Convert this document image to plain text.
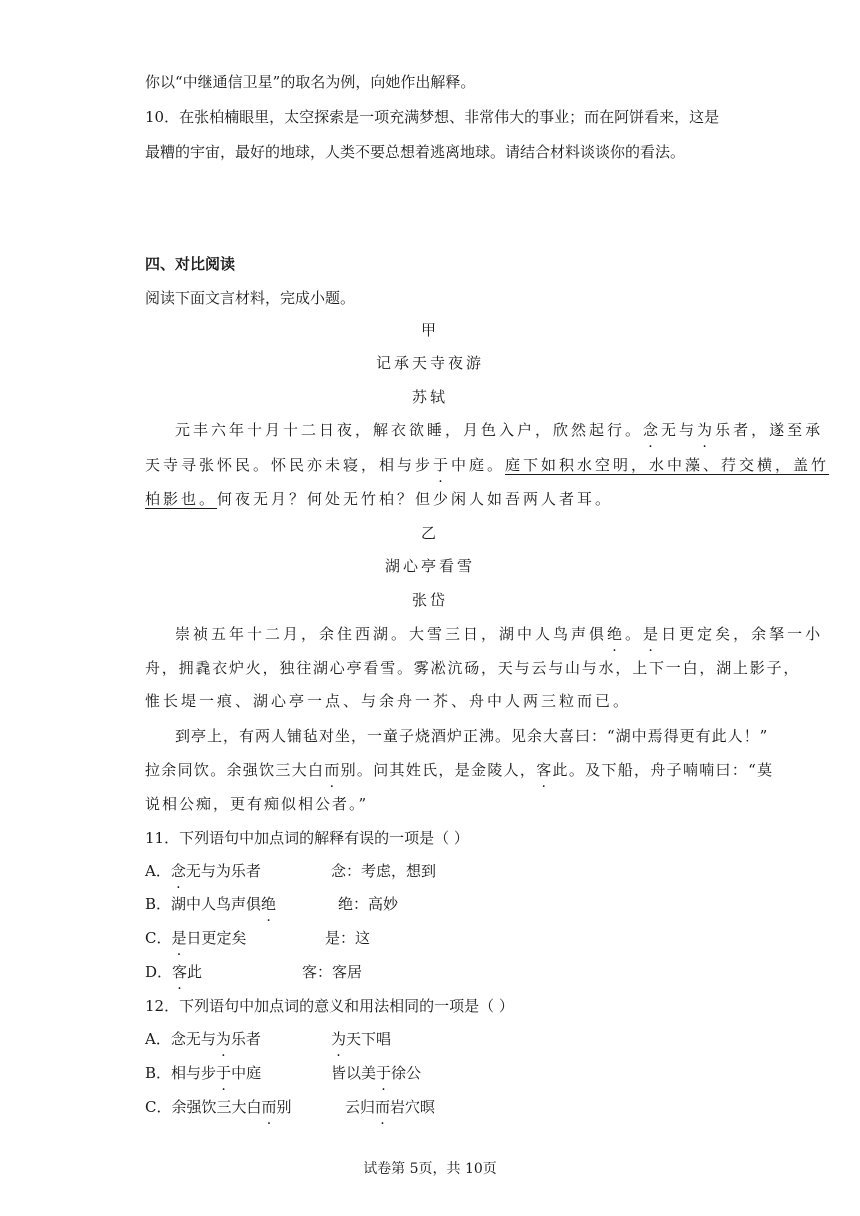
你以“中继通信卫星”的取名为例，向她作出解释。
10．在张柏楠眼里，太空探索是一项充满梦想、非常伟大的事业；而在阿饼看来，这是
最糟的宇宙，最好的地球，人类不要总想着逃离地球。请结合材料谈谈你的看法。
四、对比阅读
阅读下面文言材料，完成小题。
甲
记承天寺夜游
苏轼
元丰六年十月十二日夜，解衣欲睡，月色入户，欣然起行。念无与为乐者，遂至承
天寺寻张怀民。怀民亦未寝，相与步于中庭。庭下如积水空明，水中藻、荇交横，盖竹
柏影也。何夜无月？何处无竹柏？但少闲人如吾两人者耳。
乙
湖心亭看雪
张岱
崇祯五年十二月，余住西湖。大雪三日，湖中人鸟声俱绝。是日更定矣，余拏一小
舟，拥毳衣炉火，独往湖心亭看雪。雾凇沆砀，天与云与山与水，上下一白，湖上影子，
惟长堤一痕、湖心亭一点、与余舟一芥、舟中人两三粒而已。
到亭上，有两人铺毡对坐，一童子烧酒炉正沸。见余大喜曰：“湖中焉得更有此人！”
拉余同饮。余强饮三大白而别。问其姓氏，是金陵人，客此。及下船，舟子喃喃曰：“莫
说相公痴，更有痴似相公者。”
11．下列语句中加点词的解释有误的一项是（ ）
A．念无与为乐者	念：考虑，想到
B．湖中人鸟声俱绝	绝：高妙
C．是日更定矣	是：这
D．客此	客：客居
12．下列语句中加点词的意义和用法相同的一项是（ ）
A．念无与为乐者	为天下唱
B．相与步于中庭	皆以美于徐公
C．余强饮三大白而别	云归而岩穴暝
试卷第 5页，共 10页
